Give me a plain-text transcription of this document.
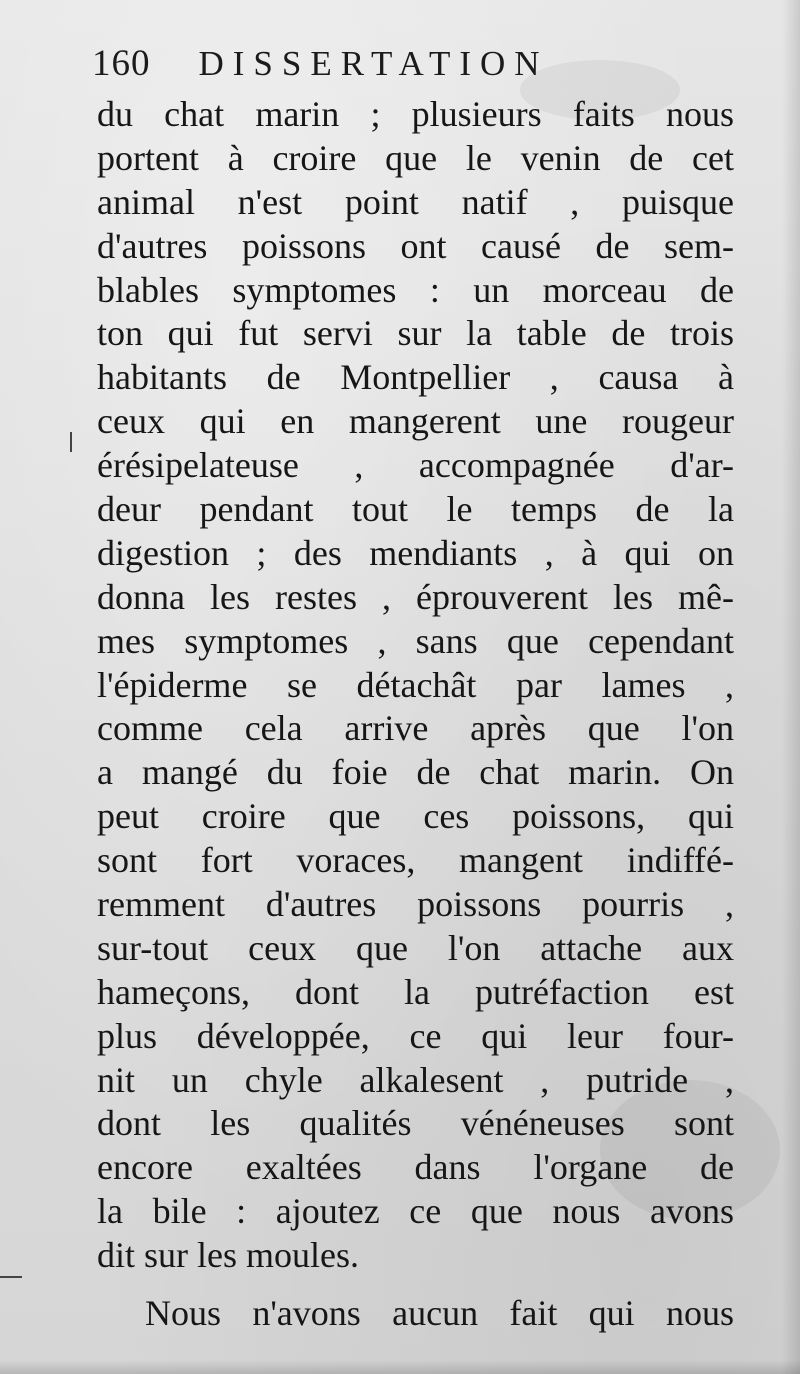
160 DISSERTATION
du chat marin ; plusieurs faits nous
portent à croire que le venin de cet
animal n'est point natif , puisque
d'autres poissons ont causé de sem-
blables symptomes : un morceau de
ton qui fut servi sur la table de trois
habitants de Montpellier , causa à
ceux qui en mangerent une rougeur
érésipelateuse , accompagnée d'ar-
deur pendant tout le temps de la
digestion ; des mendiants , à qui on
donna les restes , éprouverent les mê-
mes symptomes , sans que cependant
l'épiderme se détachât par lames ,
comme cela arrive après que l'on
a mangé du foie de chat marin. On
peut croire que ces poissons, qui
sont fort voraces, mangent indiffé-
remment d'autres poissons pourris ,
sur-tout ceux que l'on attache aux
hameçons, dont la putréfaction est
plus développée, ce qui leur four-
nit un chyle alkalesent , putride ,
dont les qualités vénéneuses sont
encore exaltées dans l'organe de
la bile : ajoutez ce que nous avons
dit sur les moules.
Nous n'avons aucun fait qui nous
